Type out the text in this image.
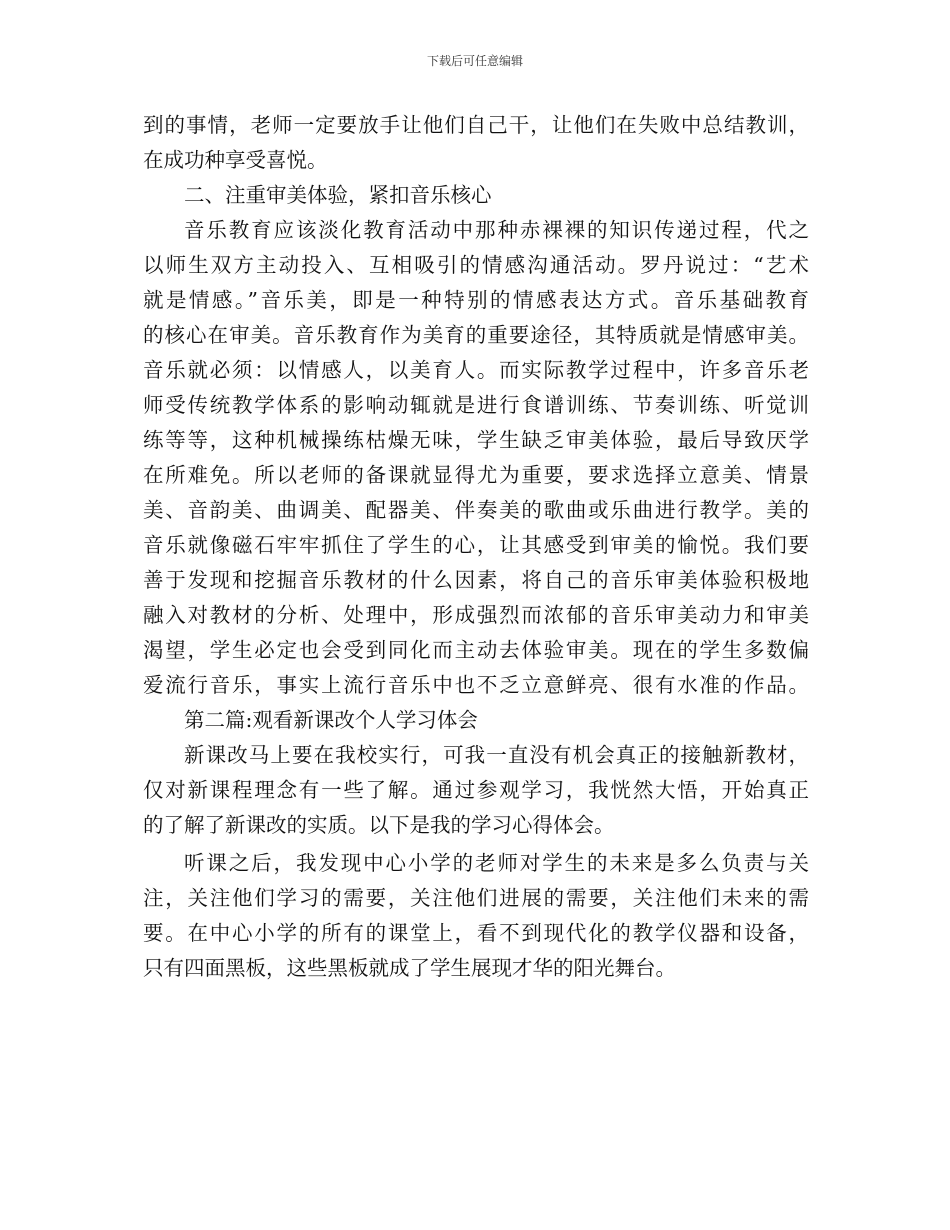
下载后可任意编辑
到的事情，老师一定要放手让他们自己干，让他们在失败中总结教训，
在成功种享受喜悦。
二、注重审美体验，紧扣音乐核心
音乐教育应该淡化教育活动中那种赤裸裸的知识传递过程，代之
以师生双方主动投入、互相吸引的情感沟通活动。罗丹说过：“艺术
就是情感。”音乐美，即是一种特别的情感表达方式。音乐基础教育
的核心在审美。音乐教育作为美育的重要途径，其特质就是情感审美。
音乐就必须：以情感人，以美育人。而实际教学过程中，许多音乐老
师受传统教学体系的影响动辄就是进行食谱训练、节奏训练、听觉训
练等等，这种机械操练枯燥无味，学生缺乏审美体验，最后导致厌学
在所难免。所以老师的备课就显得尤为重要，要求选择立意美、情景
美、音韵美、曲调美、配器美、伴奏美的歌曲或乐曲进行教学。美的
音乐就像磁石牢牢抓住了学生的心，让其感受到审美的愉悦。我们要
善于发现和挖掘音乐教材的什么因素，将自己的音乐审美体验积极地
融入对教材的分析、处理中，形成强烈而浓郁的音乐审美动力和审美
渴望，学生必定也会受到同化而主动去体验审美。现在的学生多数偏
爱流行音乐，事实上流行音乐中也不乏立意鲜亮、很有水准的作品。
第二篇:观看新课改个人学习体会
新课改马上要在我校实行，可我一直没有机会真正的接触新教材，
仅对新课程理念有一些了解。通过参观学习，我恍然大悟，开始真正
的了解了新课改的实质。以下是我的学习心得体会。
听课之后，我发现中心小学的老师对学生的未来是多么负责与关
注，关注他们学习的需要，关注他们进展的需要，关注他们未来的需
要。在中心小学的所有的课堂上，看不到现代化的教学仪器和设备，
只有四面黑板，这些黑板就成了学生展现才华的阳光舞台。
